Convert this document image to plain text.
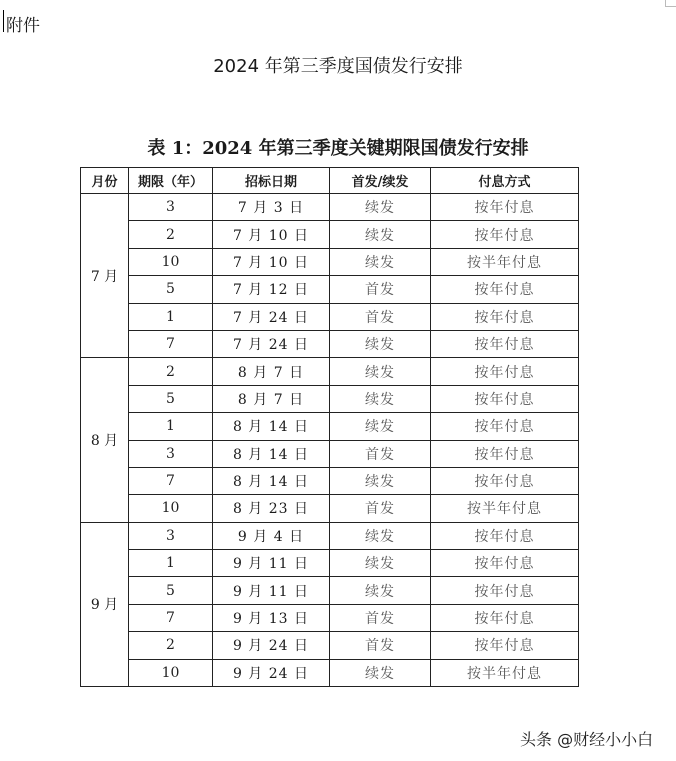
附件
2024 年第三季度国债发行安排
表 1：2024 年第三季度关键期限国债发行安排
月份	期限（年）	招标日期	首发/续发	付息方式
7 月	3	7 月 3 日	续发	按年付息
	2	7 月 10 日	续发	按年付息
	10	7 月 10 日	续发	按半年付息
	5	7 月 12 日	首发	按年付息
	1	7 月 24 日	首发	按年付息
	7	7 月 24 日	续发	按年付息
8 月	2	8 月 7 日	续发	按年付息
	5	8 月 7 日	续发	按年付息
	1	8 月 14 日	续发	按年付息
	3	8 月 14 日	首发	按年付息
	7	8 月 14 日	续发	按年付息
	10	8 月 23 日	首发	按半年付息
9 月	3	9 月 4 日	续发	按年付息
	1	9 月 11 日	续发	按年付息
	5	9 月 11 日	续发	按年付息
	7	9 月 13 日	首发	按年付息
	2	9 月 24 日	首发	按年付息
	10	9 月 24 日	续发	按半年付息
头条 @财经小小白
